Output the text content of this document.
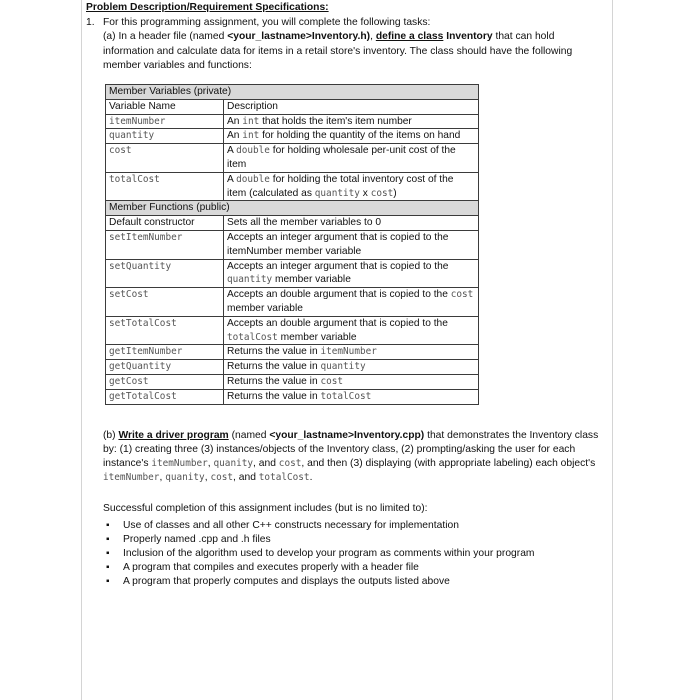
Problem Description/Requirement Specifications:
1. For this programming assignment, you will complete the following tasks:
(a) In a header file (named <your_lastname>Inventory.h), define a class Inventory that can hold information and calculate data for items in a retail store's inventory. The class should have the following member variables and functions:
Member Variables (private)	
Variable Name	Description
itemNumber	An int that holds the item's item number
quantity	An int for holding the quantity of the items on hand
cost	A double for holding wholesale per-unit cost of the item
totalCost	A double for holding the total inventory cost of the item (calculated as quantity x cost)
Member Functions (public)	
Default constructor	Sets all the member variables to 0
setItemNumber	Accepts an integer argument that is copied to the itemNumber member variable
setQuantity	Accepts an integer argument that is copied to the quantity member variable
setCost	Accepts an double argument that is copied to the cost member variable
setTotalCost	Accepts an double argument that is copied to the totalCost member variable
getItemNumber	Returns the value in itemNumber
getQuantity	Returns the value in quantity
getCost	Returns the value in cost
getTotalCost	Returns the value in totalCost
(b) Write a driver program (named <your_lastname>Inventory.cpp) that demonstrates the Inventory class by: (1) creating three (3) instances/objects of the Inventory class, (2) prompting/asking the user for each instance's itemNumber, quanity, and cost, and then (3) displaying (with appropriate labeling) each object's itemNumber, quanity, cost, and totalCost.
Successful completion of this assignment includes (but is no limited to):
▪ Use of classes and all other C++ constructs necessary for implementation
▪ Properly named .cpp and .h files
▪ Inclusion of the algorithm used to develop your program as comments within your program
▪ A program that compiles and executes properly with a header file
▪ A program that properly computes and displays the outputs listed above
